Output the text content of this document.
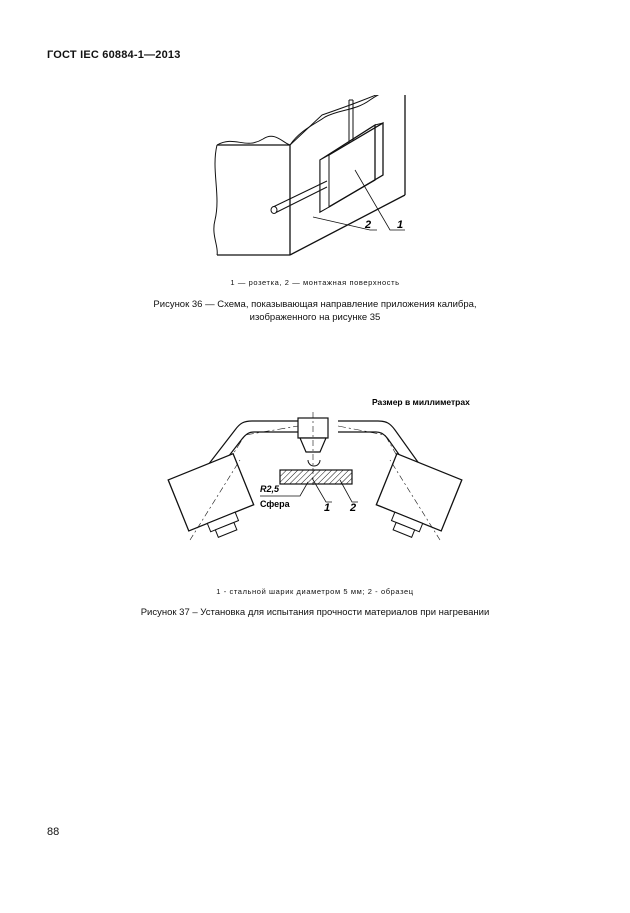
ГОСТ IEC 60884-1—2013
2 1
1 — розетка, 2 — монтажная поверхность
Рисунок 36 — Схема, показывающая направление приложения калибра,
изображенного на рисунке 35
Размер в миллиметрах
R2,5
Сфера	1 2
1 - стальной шарик диаметром 5 мм; 2 - образец
Рисунок 37 – Установка для испытания прочности материалов при нагревании
88
